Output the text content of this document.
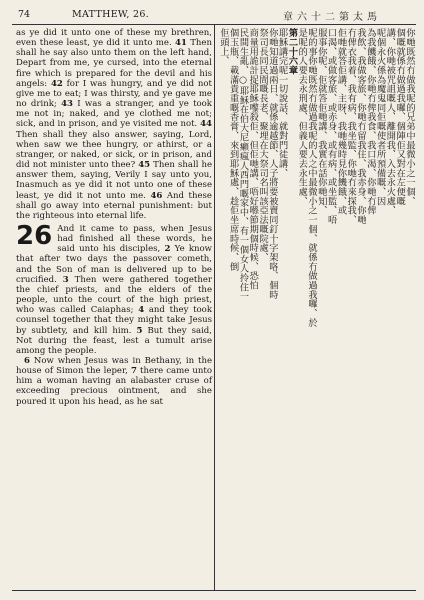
74	MATTHEW, 26.	章六十二第太馬

as ye did it unto one of these my brethren, even these least, ye did it unto me. 41 Then shall he say also unto them on the left hand, Depart from me, ye cursed, into the eternal fire which is prepared for the devil and his angels: 42 for I was hungry, and ye did not give me to eat; I was thirsty, and ye gave me no drink; 43 I was a stranger, and ye took me not in; naked, and ye clothed me not; sick, and in prison, and ye visited me not. 44 Then shall they also answer, saying, Lord, when saw we thee hungry, or athirst, or a stranger, or naked, or sick, or in prison, and did not minister unto thee? 45 Then shall he answer them, saying, Verily I say unto you, Inasmuch as ye did it not unto one of these least, ye did it not unto me. 46 And these shall go away into eternal punishment: but the righteous into eternal life.

26 And it came to pass, when Jesus had finished all these words, he said unto his disciples, 2 Ye know that after two days the passover cometh, and the Son of man is delivered up to be crucified. 3 Then were gathered together the chief priests, and the elders of the people, unto the court of the high priest, who was called Caiaphas; 4 and they took counsel together that they might take Jesus by subtlety, and kill him. 5 But they said, Not during the feast, lest a tumult arise among the people.

6 Now when Jesus was in Bethany, in the house of Simon the leper, 7 there came unto him a woman having an alabaster cruse of exceeding precious ointment, and she poured it upon his head, as he sat

你哋既然冇做我呢的兄弟中最微小之一個、
個嘅就係冇做過我囉、個陣佢又對在左便嘅
講、你哋被咒詛嘅人、離開我、入去永火處、
呢個永火係為魔鬼同佢嘅使者所預備嘅、因
為我饑餓、你哋冇俾我食、我口渴、你哋冇俾
我飲、我做客旅、你哋冇留我住、我赤身、你哋
冇俾衣我着、我有病、我坐監、你哋冇來探我、
佢哋就答佢講、主呀、我哋幾時見你饑餓、或
口渴、或做客旅、或赤身、或有病、或坐監、唔
服事你呢、佢就答佢哋講、我實在話你哋知、
呢的事你哋既然冇做過我呢的人之中最微小之一個、就係冇做過我囉、於
是呢的人要去永刑處、但義人要去永生處、
第二十六章
耶穌講完呢一切說話、就對門徒講、
你哋知道過兩日、就係逾越節、人子將要被賣同釘十字架咯、個時
祭司長同民間嘅長老、聚埋在大祭司名叫該亞法嘅院處、
商量用詭計捉耶穌嚟殺佢、但佢哋講、唔好喺節期個時候、恐怕
民間生亂、○耶穌在伯大尼癩瘋人西門嘅家中、有一個女人拎住一
個玉瓶、載滿貴重嘅香膏、來到耶穌處、趁佢坐席時候、倒
佢頭上、
